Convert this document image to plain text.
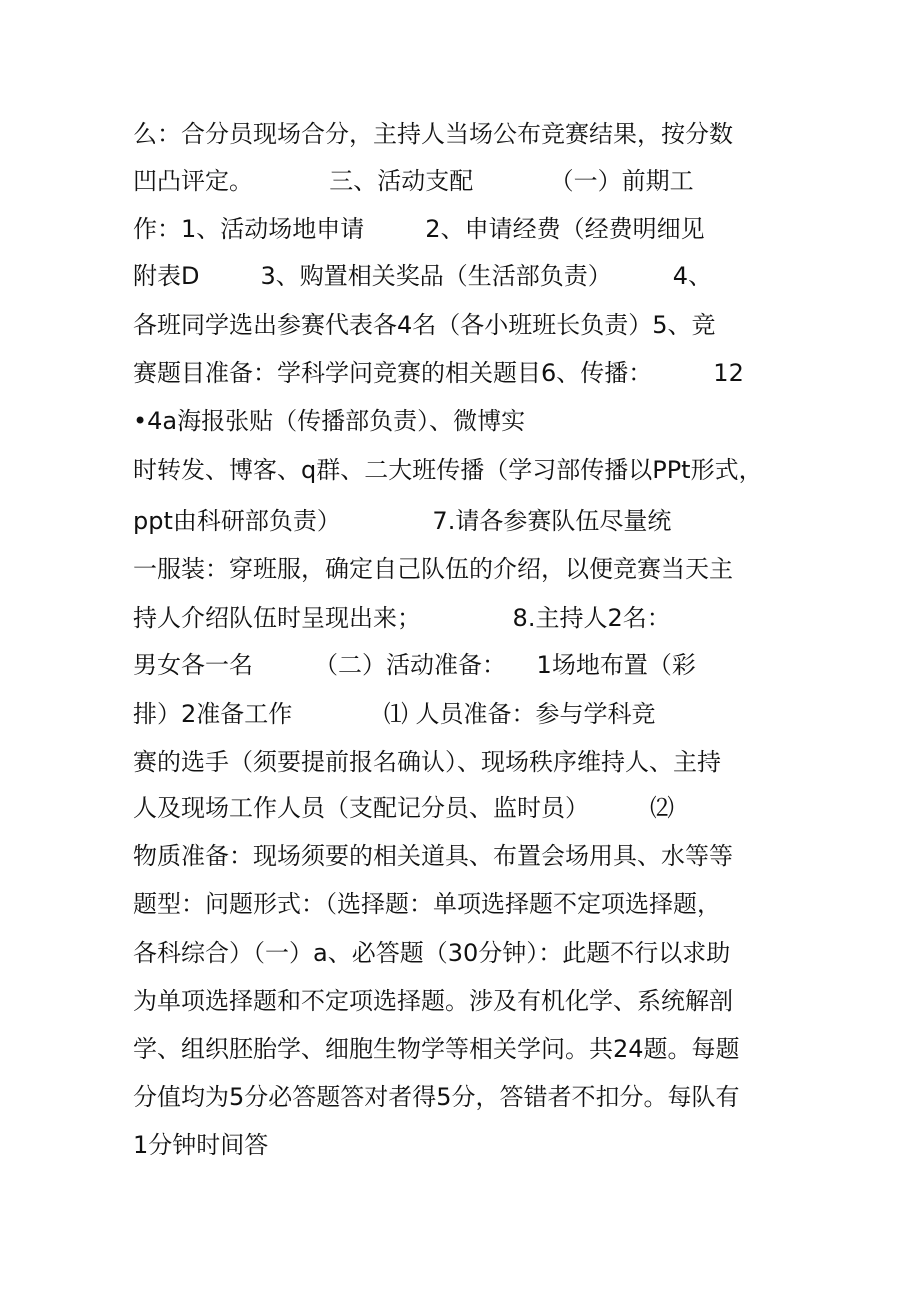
么：合分员现场合分，主持人当场公布竞赛结果，按分数
凹凸评定。          三、活动支配          （一）前期工
作：1、活动场地申请        2、申请经费（经费明细见
附表D        3、购置相关奖品（生活部负责）        4、
各班同学选出参赛代表各4名（各小班班长负责）5、竞
赛题目准备：学科学问竞赛的相关题目6、传播：        12
•4a海报张贴（传播部负责）、微博实
时转发、博客、q群、二大班传播（学习部传播以PPt形式，
ppt由科研部负责）            7.请各参赛队伍尽量统
一服装：穿班服，确定自己队伍的介绍，以便竞赛当天主
持人介绍队伍时呈现出来；            8.主持人2名：
男女各一名        （二）活动准备：    1场地布置（彩
排）2准备工作            ⑴ 人员准备：参与学科竞
赛的选手（须要提前报名确认）、现场秩序维持人、主持
人及现场工作人员（支配记分员、监时员）        ⑵
物质准备：现场须要的相关道具、布置会场用具、水等等
题型：问题形式：（选择题：单项选择题不定项选择题，
各科综合）（一）a、必答题（30分钟）：此题不行以求助
为单项选择题和不定项选择题。涉及有机化学、系统解剖
学、组织胚胎学、细胞生物学等相关学问。共24题。每题
分值均为5分必答题答对者得5分，答错者不扣分。每队有
1分钟时间答
